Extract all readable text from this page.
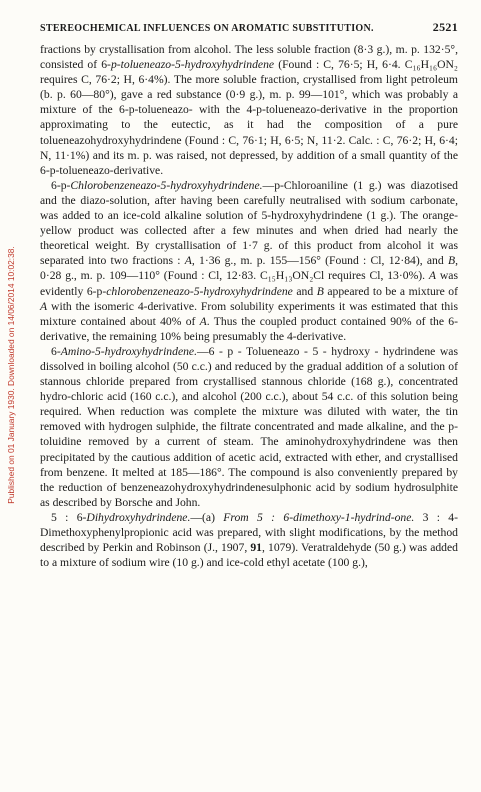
Published on 01 January 1930. Downloaded on 14/06/2014 10:02:38.
STEREOCHEMICAL INFLUENCES ON AROMATIC SUBSTITUTION.	2521

fractions by crystallisation from alcohol. The less soluble fraction (8·3 g.), m. p. 132·5°, consisted of 6-p-tolueneazo-5-hydroxyhydrindene (Found : C, 76·5; H, 6·4. C₁₆H₁₆ON₂ requires C, 76·2; H, 6·4%). The more soluble fraction, crystallised from light petroleum (b. p. 60—80°), gave a red substance (0·9 g.), m. p. 99—101°, which was probably a mixture of the 6-p-tolueneazo- with the 4-p-tolueneazo-derivative in the proportion approximating to the eutectic, as it had the composition of a pure tolueneazohydroxyhydrindene (Found : C, 76·1; H, 6·5; N, 11·2. Calc. : C, 76·2; H, 6·4; N, 11·1%) and its m. p. was raised, not depressed, by addition of a small quantity of the 6-p-tolueneazo-derivative.

6-p-Chlorobenzeneazo-5-hydroxyhydrindene.—p-Chloroaniline (1 g.) was diazotised and the diazo-solution, after having been carefully neutralised with sodium carbonate, was added to an ice-cold alkaline solution of 5-hydroxyhydrindene (1 g.). The orange-yellow product was collected after a few minutes and when dried had nearly the theoretical weight. By crystallisation of 1·7 g. of this product from alcohol it was separated into two fractions : A, 1·36 g., m. p. 155—156° (Found : Cl, 12·84), and B, 0·28 g., m. p. 109—110° (Found : Cl, 12·83. C₁₅H₁₃ON₂Cl requires Cl, 13·0%). A was evidently 6-p-chlorobenzeneazo-5-hydroxyhydrindene and B appeared to be a mixture of A with the isomeric 4-derivative. From solubility experiments it was estimated that this mixture contained about 40% of A. Thus the coupled product contained 90% of the 6-derivative, the remaining 10% being presumably the 4-derivative.

6-Amino-5-hydroxyhydrindene.—6 - p - Tolueneazo - 5 - hydroxy - hydrindene was dissolved in boiling alcohol (50 c.c.) and reduced by the gradual addition of a solution of stannous chloride prepared from crystallised stannous chloride (168 g.), concentrated hydro-chloric acid (160 c.c.), and alcohol (200 c.c.), about 54 c.c. of this solution being required. When reduction was complete the mixture was diluted with water, the tin removed with hydrogen sulphide, the filtrate concentrated and made alkaline, and the p-toluidine removed by a current of steam. The aminohydroxyhydrindene was then precipitated by the cautious addition of acetic acid, extracted with ether, and crystallised from benzene. It melted at 185—186°. The compound is also conveniently prepared by the reduction of benzeneazohydroxyhydrindenesulphonic acid by sodium hydrosulphite as described by Borsche and John.

5 : 6-Dihydroxyhydrindene.—(a) From 5 : 6-dimethoxy-1-hydrind-one. 3 : 4-Dimethoxyphenylpropionic acid was prepared, with slight modifications, by the method described by Perkin and Robinson (J., 1907, 91, 1079). Veratraldehyde (50 g.) was added to a mixture of sodium wire (10 g.) and ice-cold ethyl acetate (100 g.),
